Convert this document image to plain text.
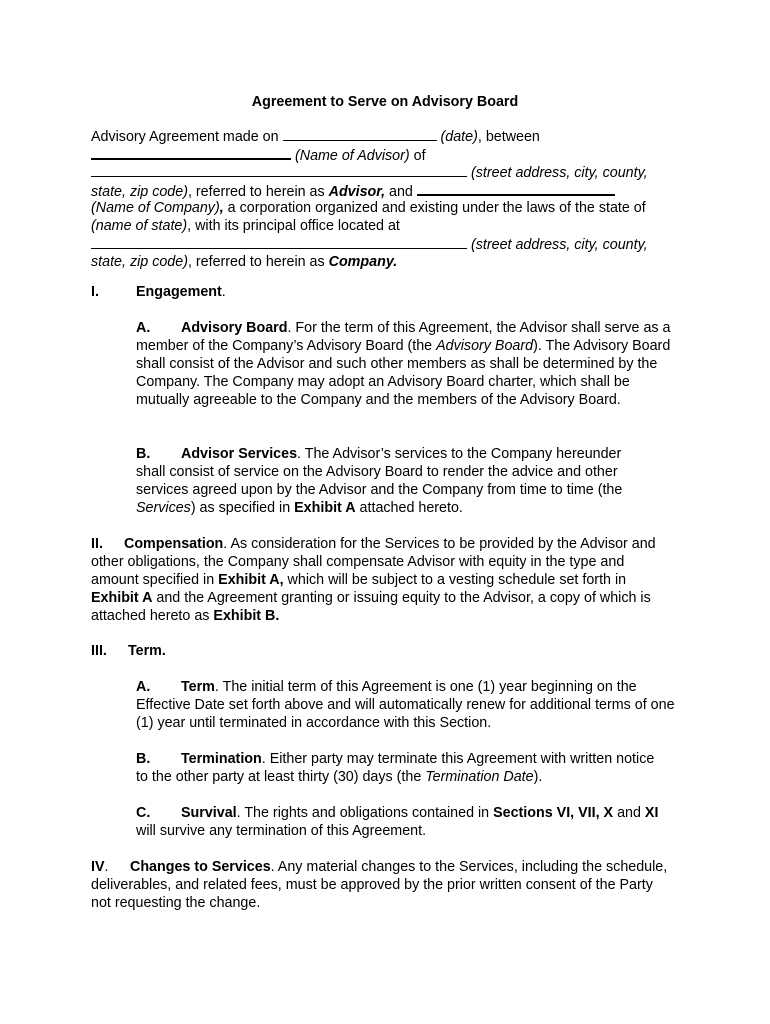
Agreement to Serve on Advisory Board
Advisory Agreement made on	(date), between
(Name of Advisor) of
(street address, city, county,
state, zip code), referred to herein as Advisor, and
(Name of Company), a corporation organized and existing under the laws of the state of
(name of state), with its principal office located at
(street address, city, county,
state, zip code), referred to herein as Company.
I.	Engagement.

A. Advisory Board. For the term of this Agreement, the Advisor shall serve as a member of the Company’s Advisory Board (the Advisory Board). The Advisory Board shall consist of the Advisor and such other members as shall be determined by the Company. The Company may adopt an Advisory Board charter, which shall be mutually agreeable to the Company and the members of the Advisory Board.

B. Advisor Services. The Advisor’s services to the Company hereunder shall consist of service on the Advisory Board to render the advice and other services agreed upon by the Advisor and the Company from time to time (the Services) as specified in Exhibit A attached hereto.

II. Compensation. As consideration for the Services to be provided by the Advisor and other obligations, the Company shall compensate Advisor with equity in the type and amount specified in Exhibit A, which will be subject to a vesting schedule set forth in Exhibit A and the Agreement granting or issuing equity to the Advisor, a copy of which is attached hereto as Exhibit B.

III. Term.

A. Term. The initial term of this Agreement is one (1) year beginning on the Effective Date set forth above and will automatically renew for additional terms of one (1) year until terminated in accordance with this Section.

B. Termination. Either party may terminate this Agreement with written notice to the other party at least thirty (30) days (the Termination Date).

C. Survival. The rights and obligations contained in Sections VI, VII, X and XI will survive any termination of this Agreement.

IV. Changes to Services. Any material changes to the Services, including the schedule, deliverables, and related fees, must be approved by the prior written consent of the Party not requesting the change.
